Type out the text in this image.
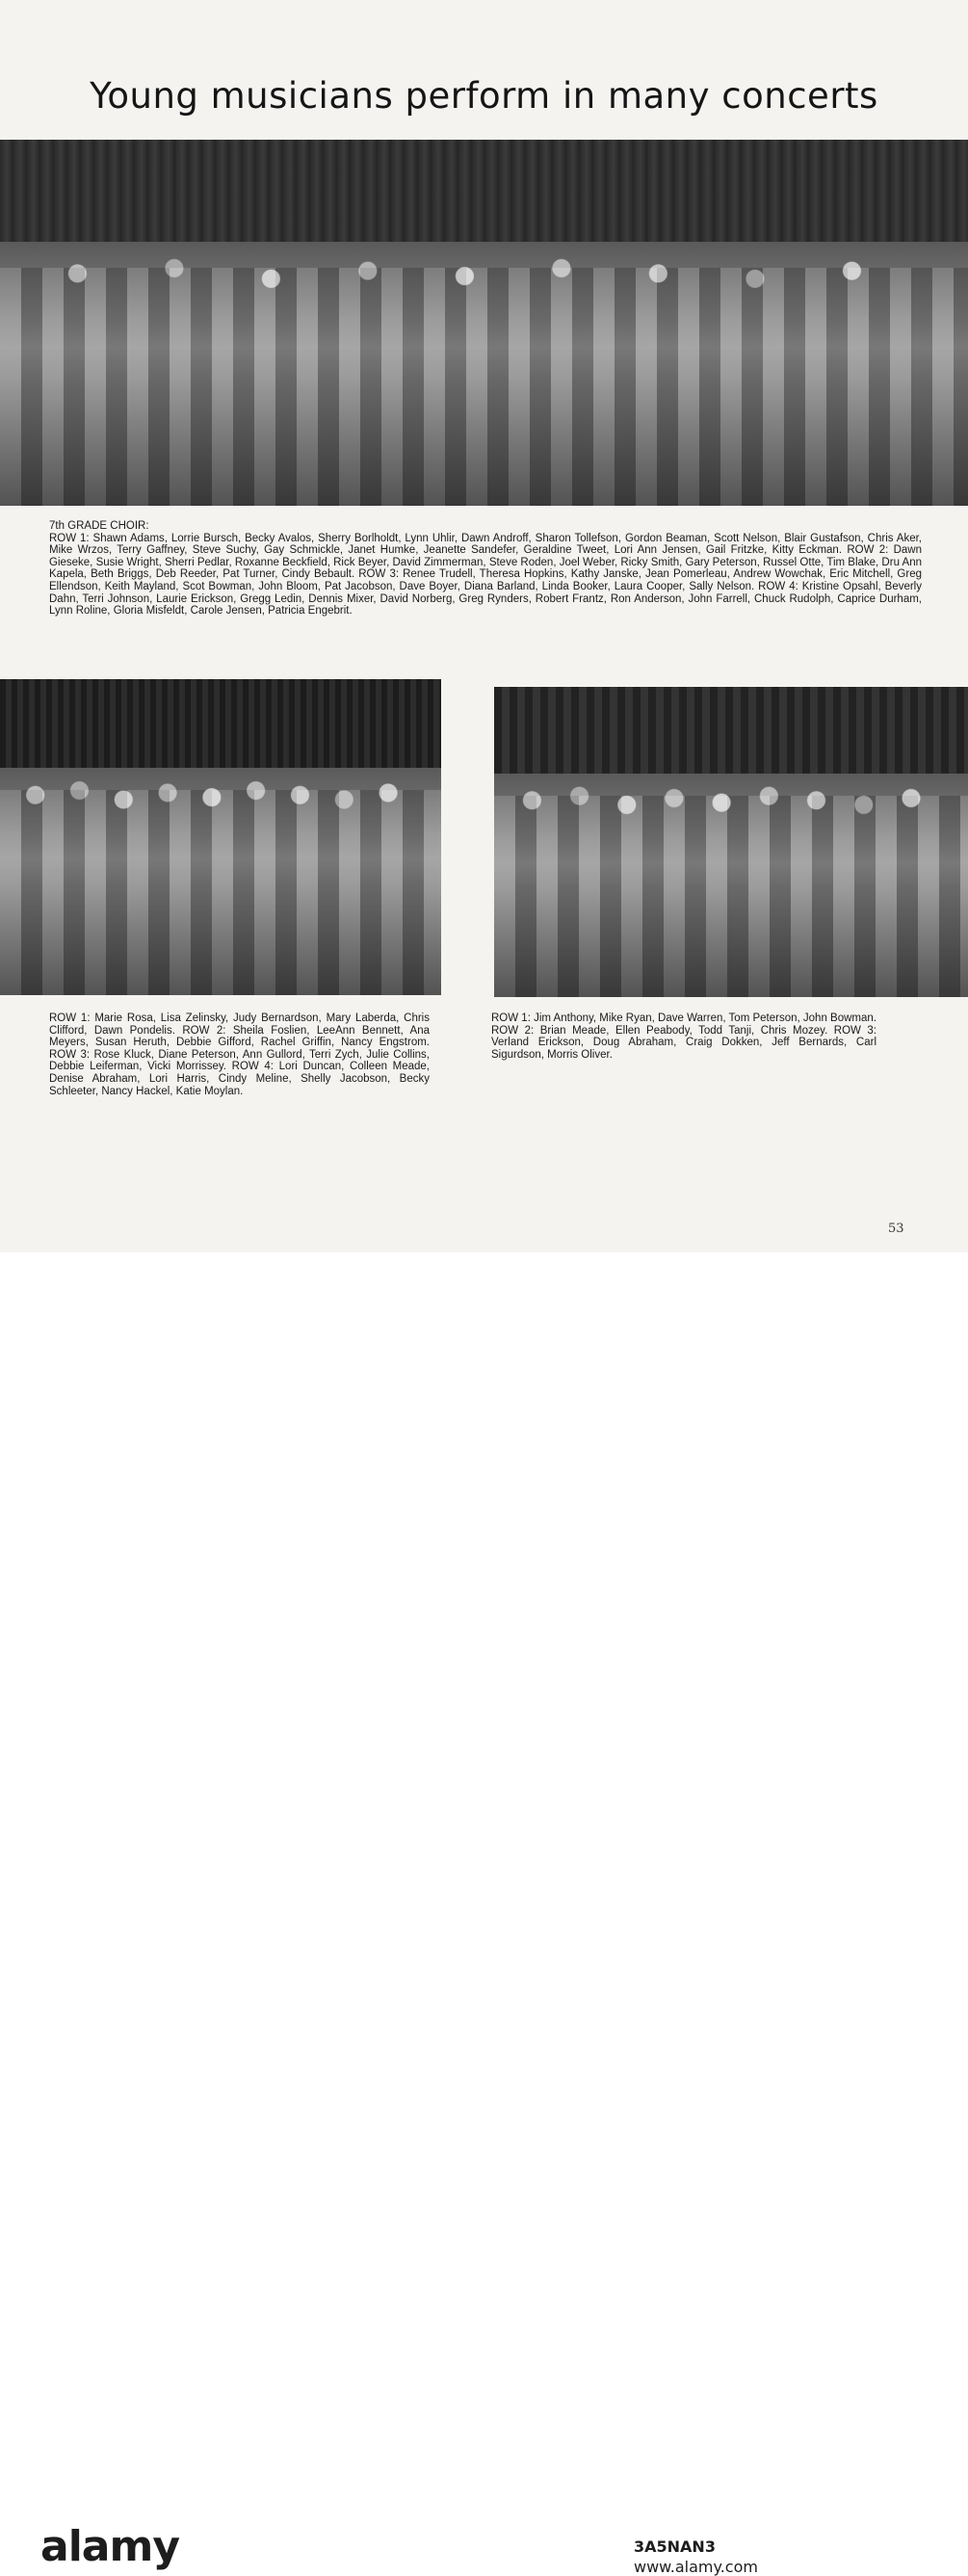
Young musicians perform in many concerts
7th GRADE CHOIR:
ROW 1: Shawn Adams, Lorrie Bursch, Becky Avalos, Sherry Borlholdt, Lynn Uhlir, Dawn Androff, Sharon Tollefson, Gordon Beaman, Scott Nelson, Blair Gustafson, Chris Aker, Mike Wrzos, Terry Gaffney, Steve Suchy, Gay Schmickle, Janet Humke, Jeanette Sandefer, Geraldine Tweet, Lori Ann Jensen, Gail Fritzke, Kitty Eckman. ROW 2: Dawn Gieseke, Susie Wright, Sherri Pedlar, Roxanne Beckfield, Rick Beyer, David Zimmerman, Steve Roden, Joel Weber, Ricky Smith, Gary Peterson, Russel Otte, Tim Blake, Dru Ann Kapela, Beth Briggs, Deb Reeder, Pat Turner, Cindy Bebault. ROW 3: Renee Trudell, Theresa Hopkins, Kathy Janske, Jean Pomerleau, Andrew Wowchak, Eric Mitchell, Greg Ellendson, Keith Mayland, Scot Bowman, John Bloom, Pat Jacobson, Dave Boyer, Diana Barland, Linda Booker, Laura Cooper, Sally Nelson. ROW 4: Kristine Opsahl, Beverly Dahn, Terri Johnson, Laurie Erickson, Gregg Ledin, Dennis Mixer, David Norberg, Greg Rynders, Robert Frantz, Ron Anderson, John Farrell, Chuck Rudolph, Caprice Durham, Lynn Roline, Gloria Misfeldt, Carole Jensen, Patricia Engebrit.
ROW 1: Marie Rosa, Lisa Zelinsky, Judy Bernardson, Mary Laberda, Chris Clifford, Dawn Pondelis. ROW 2: Sheila Foslien, LeeAnn Bennett, Ana Meyers, Susan Heruth, Debbie Gifford, Rachel Griffin, Nancy Engstrom. ROW 3: Rose Kluck, Diane Peterson, Ann Gullord, Terri Zych, Julie Collins, Debbie Leiferman, Vicki Morrissey. ROW 4: Lori Duncan, Colleen Meade, Denise Abraham, Lori Harris, Cindy Meline, Shelly Jacobson, Becky Schleeter, Nancy Hackel, Katie Moylan.
ROW 1: Jim Anthony, Mike Ryan, Dave Warren, Tom Peterson, John Bowman. ROW 2: Brian Meade, Ellen Peabody, Todd Tanji, Chris Mozey. ROW 3: Verland Erickson, Doug Abraham, Craig Dokken, Jeff Bernards, Carl Sigurdson, Morris Oliver.
53
alamy	3A5NAN3
www.alamy.com
